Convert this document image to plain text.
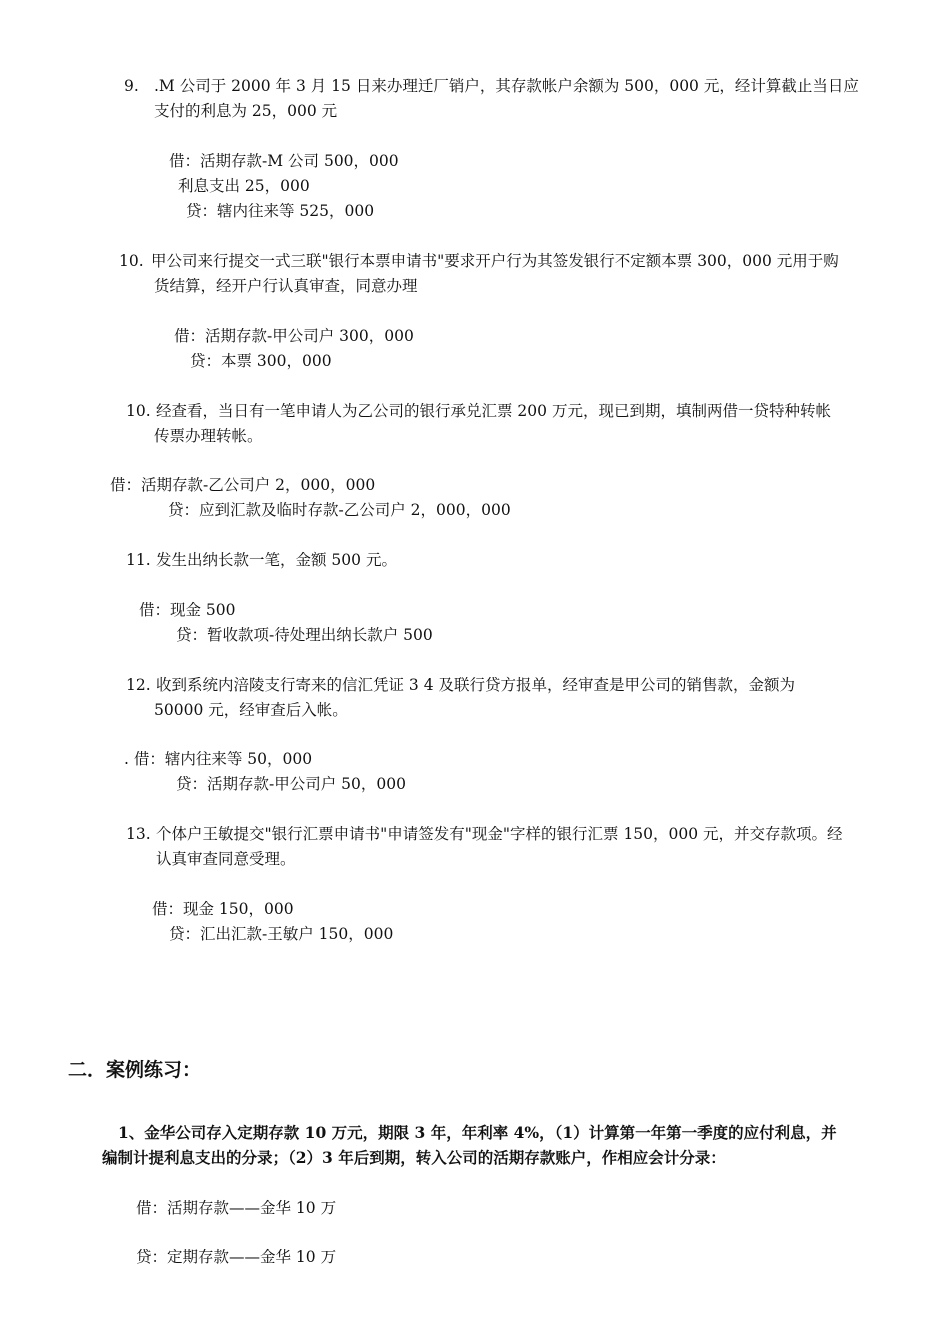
9. .M 公司于 2000 年 3 月 15 日来办理迁厂销户，其存款帐户余额为 500，000 元，经计算截止当日应
支付的利息为 25，000 元
借：活期存款-M 公司 500，000
利息支出 25，000
贷：辖内往来等 525，000
10. 甲公司来行提交一式三联"银行本票申请书"要求开户行为其签发银行不定额本票 300，000 元用于购
货结算，经开户行认真审查，同意办理
借：活期存款-甲公司户 300，000
贷：本票 300，000
10. 经查看，当日有一笔申请人为乙公司的银行承兑汇票 200 万元，现已到期，填制两借一贷特种转帐
传票办理转帐。
借：活期存款-乙公司户 2，000，000
贷：应到汇款及临时存款-乙公司户 2，000，000
11. 发生出纳长款一笔，金额 500 元。
借：现金 500
贷：暂收款项-待处理出纳长款户 500
12. 收到系统内涪陵支行寄来的信汇凭证 3 4 及联行贷方报单，经审查是甲公司的销售款，金额为
50000 元，经审查后入帐。
. 借：辖内往来等 50，000
贷：活期存款-甲公司户 50，000
13. 个体户王敏提交"银行汇票申请书"申请签发有"现金"字样的银行汇票 150，000 元，并交存款项。经
认真审查同意受理。
借：现金 150，000
贷：汇出汇款-王敏户 150，000
二．案例练习：
1、金华公司存入定期存款 10 万元，期限 3 年，年利率 4%，（1）计算第一年第一季度的应付利息，并
编制计提利息支出的分录；（2）3 年后到期，转入公司的活期存款账户，作相应会计分录：
借：活期存款——金华 10 万
贷：定期存款——金华 10 万
